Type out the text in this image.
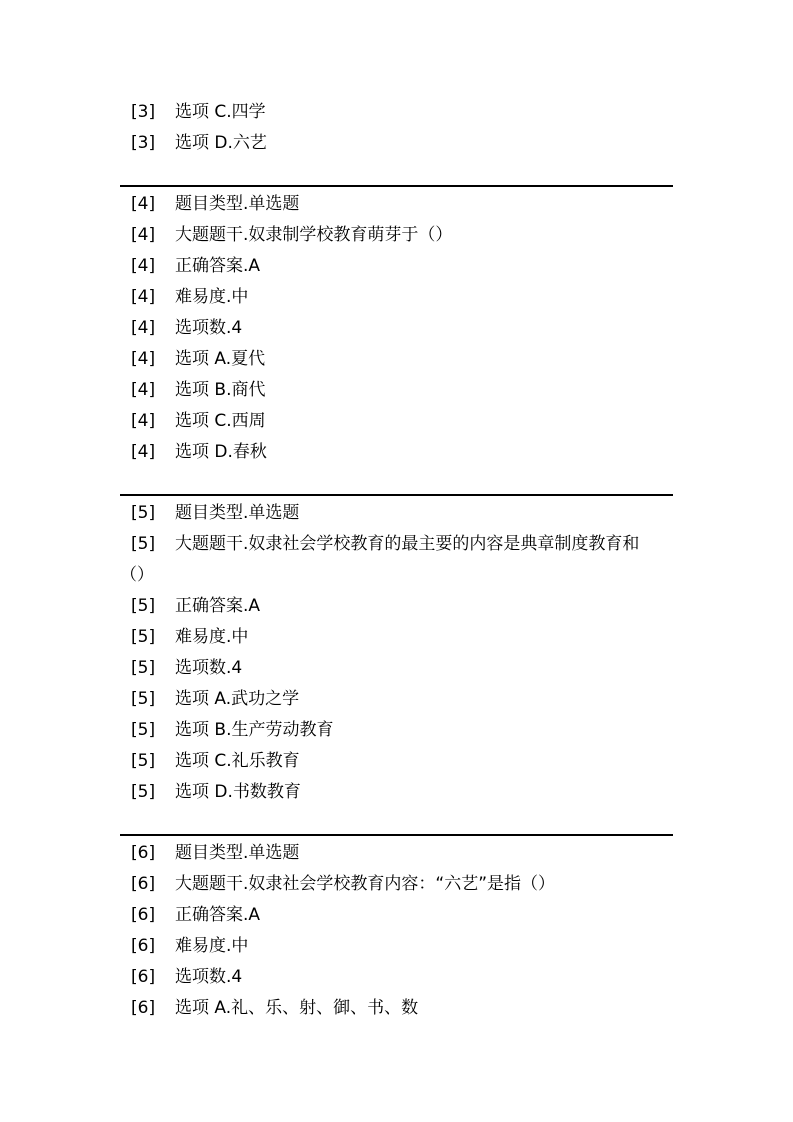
[3] 选项 C.四学
[3] 选项 D.六艺
[4] 题目类型.单选题
[4] 大题题干.奴隶制学校教育萌芽于（）
[4] 正确答案.A
[4] 难易度.中
[4] 选项数.4
[4] 选项 A.夏代
[4] 选项 B.商代
[4] 选项 C.西周
[4] 选项 D.春秋
[5] 题目类型.单选题
[5] 大题题干.奴隶社会学校教育的最主要的内容是典章制度教育和
（）
[5] 正确答案.A
[5] 难易度.中
[5] 选项数.4
[5] 选项 A.武功之学
[5] 选项 B.生产劳动教育
[5] 选项 C.礼乐教育
[5] 选项 D.书数教育
[6] 题目类型.单选题
[6] 大题题干.奴隶社会学校教育内容：“六艺”是指（）
[6] 正确答案.A
[6] 难易度.中
[6] 选项数.4
[6] 选项 A.礼、乐、射、御、书、数
